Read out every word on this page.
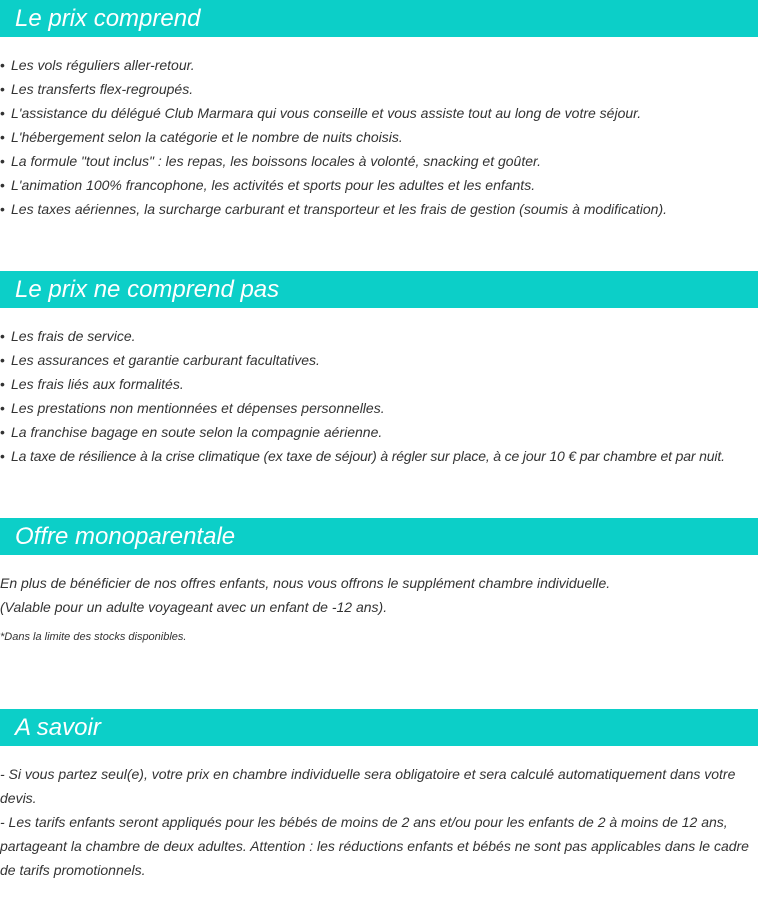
Le prix comprend
• Les vols réguliers aller-retour.
• Les transferts flex-regroupés.
• L'assistance du délégué Club Marmara qui vous conseille et vous assiste tout au long de votre séjour.
• L'hébergement selon la catégorie et le nombre de nuits choisis.
• La formule "tout inclus" : les repas, les boissons locales à volonté, snacking et goûter.
• L'animation 100% francophone, les activités et sports pour les adultes et les enfants.
• Les taxes aériennes, la surcharge carburant et transporteur et les frais de gestion (soumis à modification).
Le prix ne comprend pas
• Les frais de service.
• Les assurances et garantie carburant facultatives.
• Les frais liés aux formalités.
• Les prestations non mentionnées et dépenses personnelles.
• La franchise bagage en soute selon la compagnie aérienne.
• La taxe de résilience à la crise climatique (ex taxe de séjour) à régler sur place, à ce jour 10 € par chambre et par nuit.
Offre monoparentale

En plus de bénéficier de nos offres enfants, nous vous offrons le supplément chambre individuelle.

(Valable pour un adulte voyageant avec un enfant de -12 ans).

*Dans la limite des stocks disponibles.

A savoir

- Si vous partez seul(e), votre prix en chambre individuelle sera obligatoire et sera calculé automatiquement dans votre devis.

- Les tarifs enfants seront appliqués pour les bébés de moins de 2 ans et/ou pour les enfants de 2 à moins de 12 ans, partageant la chambre de deux adultes. Attention : les réductions enfants et bébés ne sont pas applicables dans le cadre de tarifs promotionnels.
